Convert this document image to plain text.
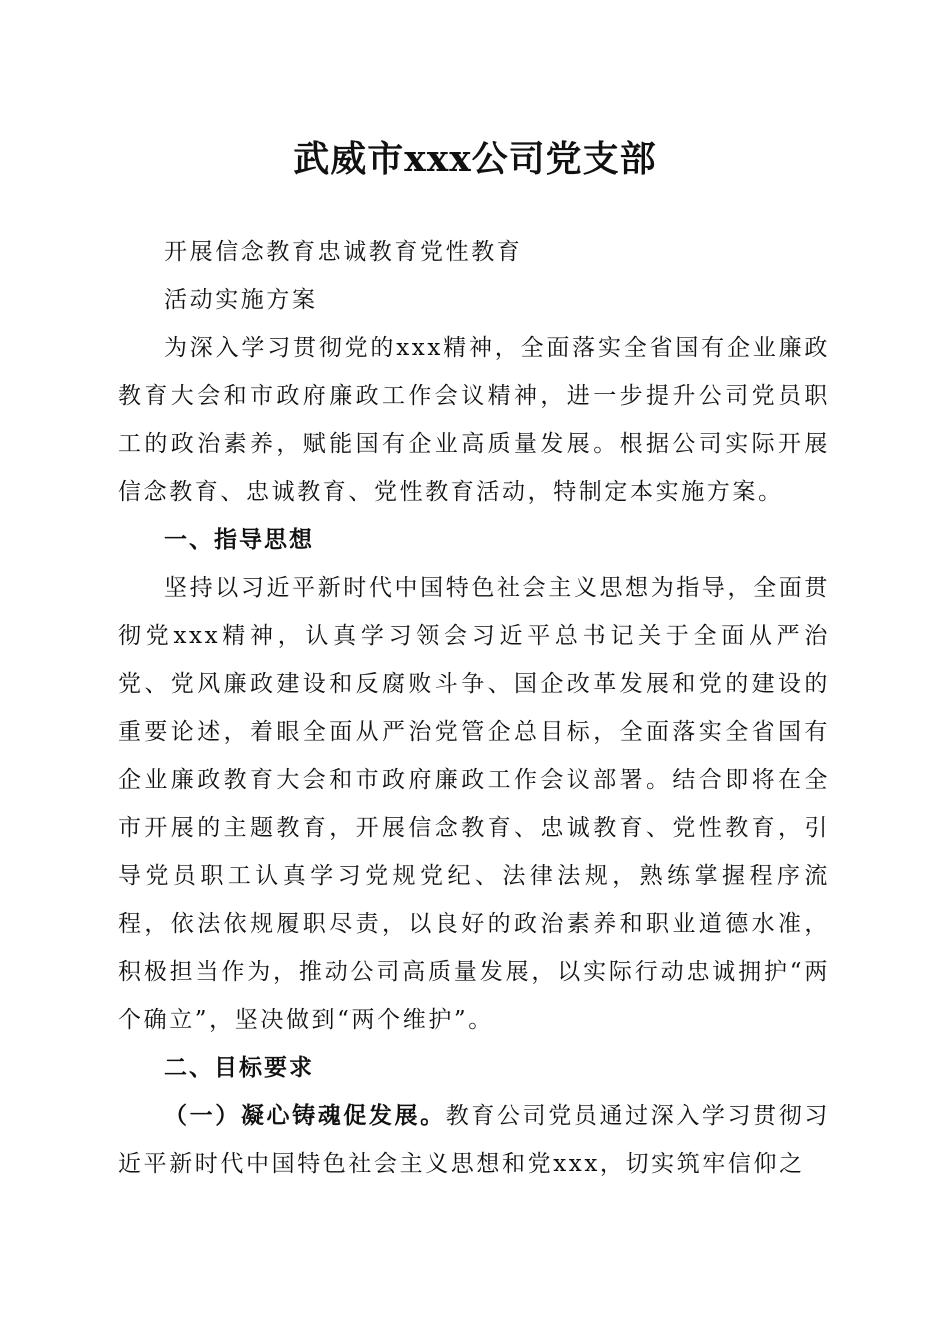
武威市xxx公司党支部

开展信念教育忠诚教育党性教育

活动实施方案

为深入学习贯彻党的xxx精神，全面落实全省国有企业廉政教育大会和市政府廉政工作会议精神，进一步提升公司党员职工的政治素养，赋能国有企业高质量发展。根据公司实际开展信念教育、忠诚教育、党性教育活动，特制定本实施方案。

一、指导思想

坚持以习近平新时代中国特色社会主义思想为指导，全面贯彻党xxx精神，认真学习领会习近平总书记关于全面从严治党、党风廉政建设和反腐败斗争、国企改革发展和党的建设的重要论述，着眼全面从严治党管企总目标，全面落实全省国有企业廉政教育大会和市政府廉政工作会议部署。结合即将在全市开展的主题教育，开展信念教育、忠诚教育、党性教育，引导党员职工认真学习党规党纪、法律法规，熟练掌握程序流程，依法依规履职尽责，以良好的政治素养和职业道德水准，积极担当作为，推动公司高质量发展，以实际行动忠诚拥护“两个确立”，坚决做到“两个维护”。

二、目标要求

（一）凝心铸魂促发展。教育公司党员通过深入学习贯彻习近平新时代中国特色社会主义思想和党xxx，切实筑牢信仰之
